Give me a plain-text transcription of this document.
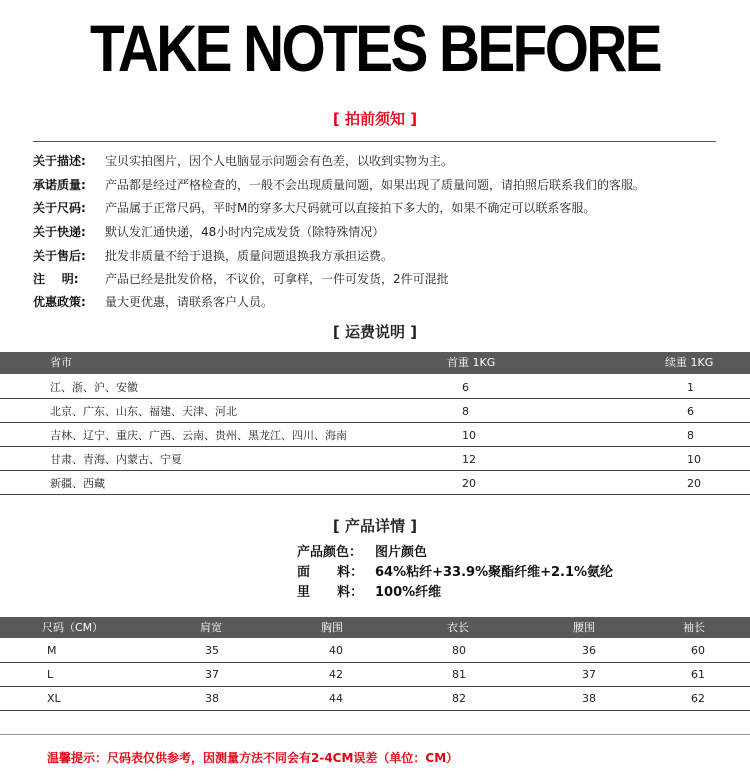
TAKE NOTES BEFORE
[ 拍前须知 ]
关于描述: 宝贝实拍图片，因个人电脑显示问题会有色差，以收到实物为主。
承诺质量: 产品都是经过严格检查的，一般不会出现质量问题，如果出现了质量问题，请拍照后联系我们的客服。
关于尺码: 产品属于正常尺码，平时M的穿多大尺码就可以直接拍下多大的，如果不确定可以联系客服。
关于快递: 默认发汇通快递，48小时内完成发货（除特殊情况）
关于售后: 批发非质量不给于退换，质量问题退换我方承担运费。
注    明: 产品已经是批发价格，不议价，可拿样，一件可发货，2件可混批
优惠政策: 量大更优惠，请联系客户人员。
[ 运费说明 ]
省市	首重 1KG	续重 1KG
江、浙、沪、安徽	6	1
北京、广东、山东、福建、天津、河北	8	6
吉林、辽宁、重庆、广西、云南、贵州、黑龙江、四川、海南	10	8
甘肃、青海、内蒙古、宁夏	12	10
新疆、西藏	20	20
[ 产品详情 ]
产品颜色： 图片颜色
面      料： 64%粘纤+33.9%聚酯纤维+2.1%氨纶
里      料： 100%纤维
尺码（CM）	肩宽	胸围	衣长	腰围	袖长
M	35	40	80	36	60
L	37	42	81	37	61
XL	38	44	82	38	62
温馨提示：尺码表仅供参考，因测量方法不同会有2-4CM误差（单位：CM）
